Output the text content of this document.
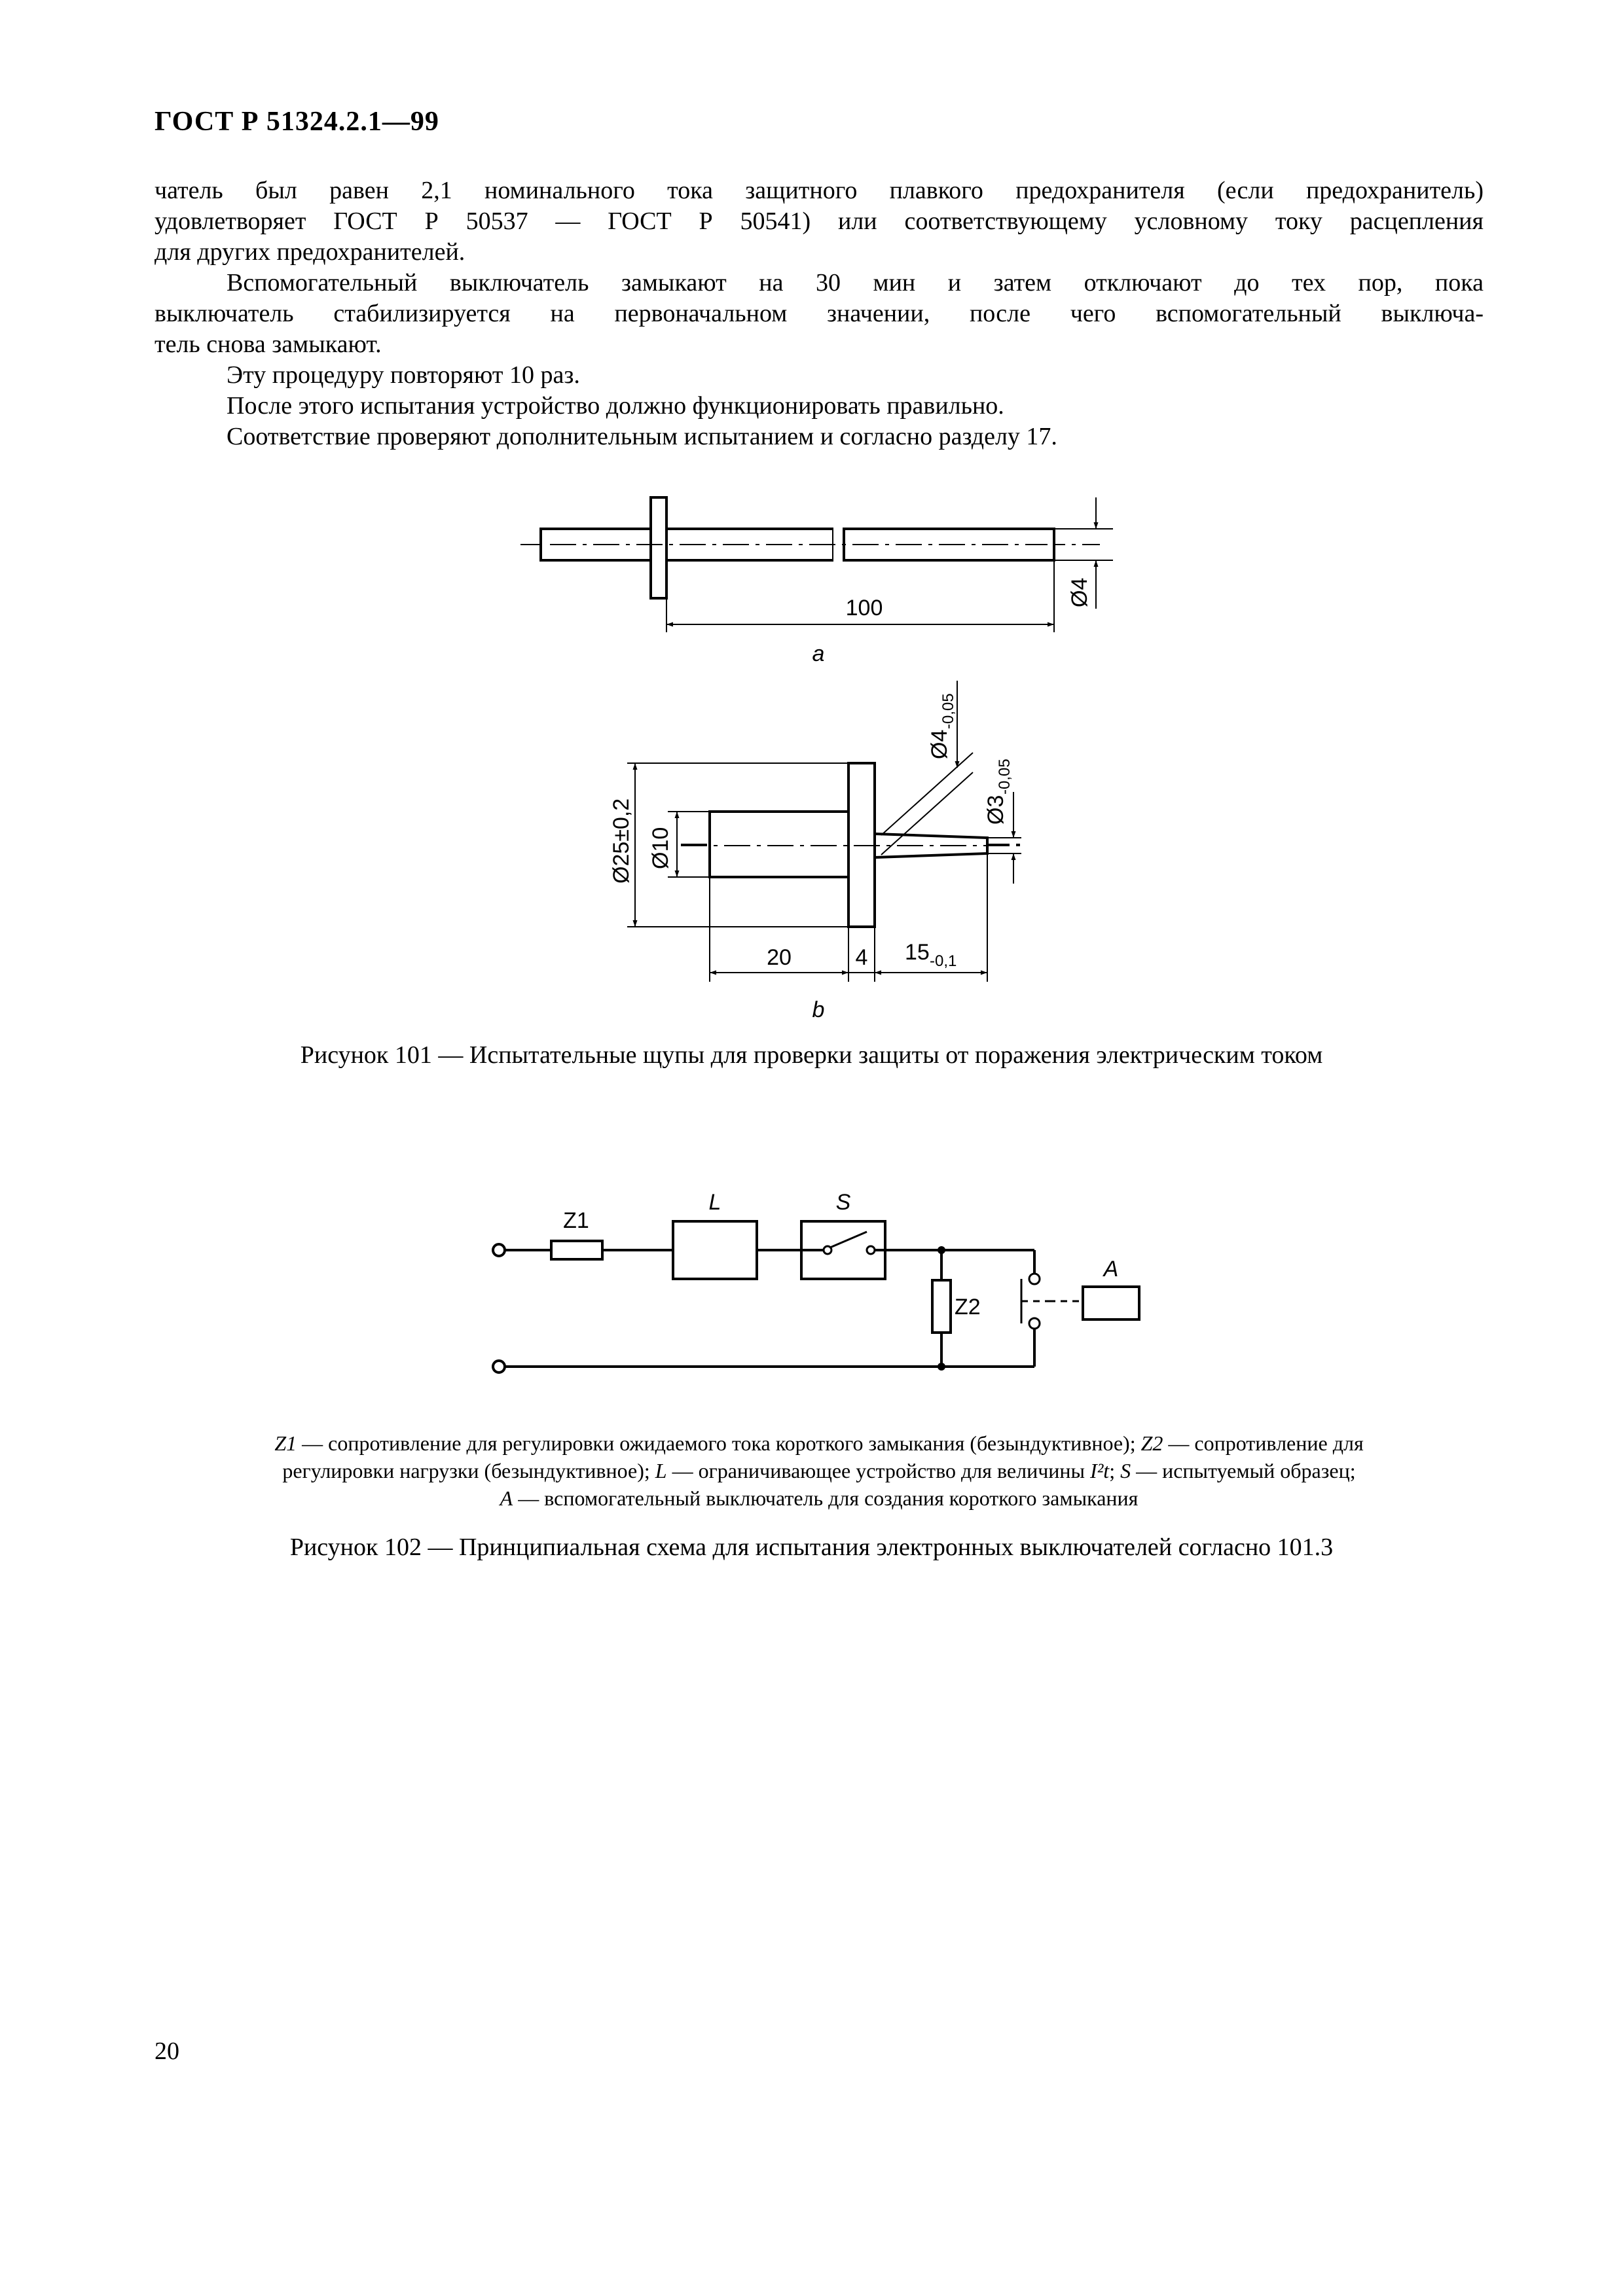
ГОСТ Р 51324.2.1—99
чатель был равен 2,1 номинального тока защитного плавкого предохранителя (если предохранитель)
удовлетворяет ГОСТ Р 50537 — ГОСТ Р 50541) или соответствующему условному току расцепления
для других предохранителей.
Вспомогательный выключатель замыкают на 30 мин и затем отключают до тех пор, пока
выключатель стабилизируется на первоначальном значении, после чего вспомогательный выключа-
тель снова замыкают.
Эту процедуру повторяют 10 раз.
После этого испытания устройство должно функционировать правильно.
Соответствие проверяют дополнительным испытанием и согласно разделу 17.
100
Ø4
a
Ø25±0,2 Ø10
Ø4
-0,05
Ø3
-0,05
20	4 15 -0,1
b
Z1
L	S
Z2
A
Рисунок 101 — Испытательные щупы для проверки защиты от поражения электрическим током
Z1 — сопротивление для регулировки ожидаемого тока короткого замыкания (безындуктивное); Z2 — сопротивление для
регулировки нагрузки (безындуктивное); L — ограничивающее устройство для величины I²t; S — испытуемый образец;
A — вспомогательный выключатель для создания короткого замыкания
Рисунок 102 — Принципиальная схема для испытания электронных выключателей согласно 101.3
20
